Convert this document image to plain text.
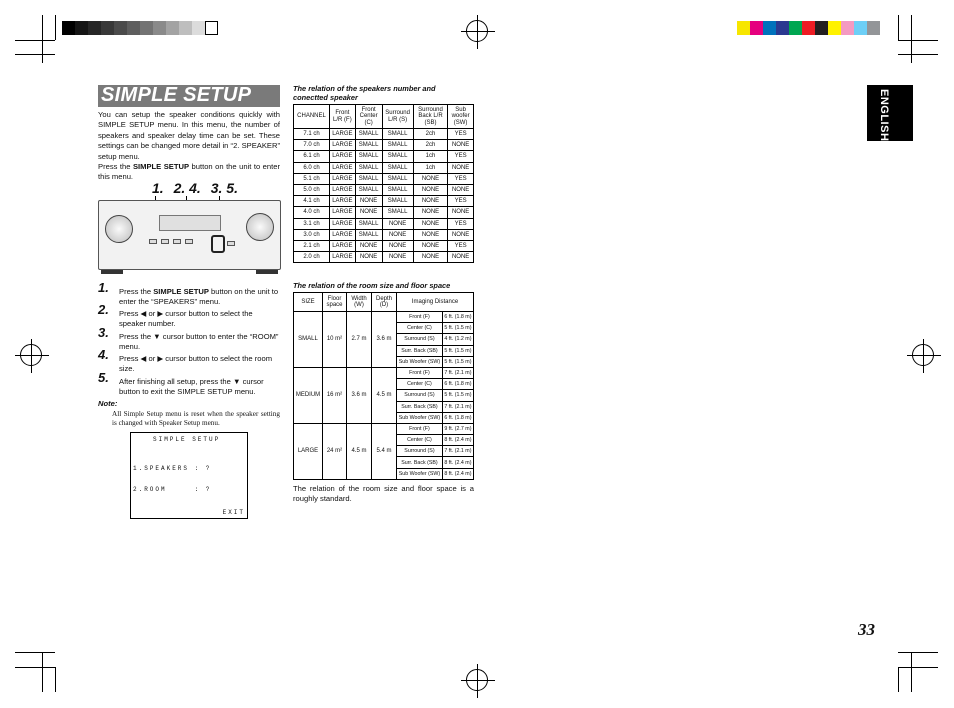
SIMPLE SETUP

You can setup the speaker conditions quickly with SIMPLE SETUP menu. In this menu, the number of speakers and speaker delay time can be set. These settings can be changed more detail in “2. SPEAKER” setup menu.

Press the SIMPLE SETUP button on the unit to enter this menu.

1. 2. 4. 3. 5.
1. Press the SIMPLE SETUP button on the unit to enter the “SPEAKERS” menu.

2. Press ◀ or ▶ cursor button to select the speaker number.

3. Press the ▼ cursor button to enter the “ROOM” menu.

4. Press ◀ or ▶ cursor button to select the room size.

5. After finishing all setup, press the ▼ cursor button to exit the SIMPLE SETUP menu.

Note:
All Simple Setup menu is reset when the speaker setting is changed with Speaker Setup menu.
SIMPLE SETUP
1.SPEAKERS : ?
2.ROOM     : ?
EXIT
The relation of the speakers number and conectted speaker
CHANNEL	Front L/R (F)	Front Center (C)	Surround L/R (S)	Surround Back L/R (SB)	Sub woofer (SW)
7.1 ch	LARGE	SMALL	SMALL	2ch	YES
7.0 ch	LARGE	SMALL	SMALL	2ch	NONE
6.1 ch	LARGE	SMALL	SMALL	1ch	YES
6.0 ch	LARGE	SMALL	SMALL	1ch	NONE
5.1 ch	LARGE	SMALL	SMALL	NONE	YES
5.0 ch	LARGE	SMALL	SMALL	NONE	NONE
4.1 ch	LARGE	NONE	SMALL	NONE	YES
4.0 ch	LARGE	NONE	SMALL	NONE	NONE
3.1 ch	LARGE	SMALL	NONE	NONE	YES
3.0 ch	LARGE	SMALL	NONE	NONE	NONE
2.1 ch	LARGE	NONE	NONE	NONE	YES
2.0 ch	LARGE	NONE	NONE	NONE	NONE
The relation of the room size and floor space
SIZE	Floor space	Width (W)	Depth (D)	Imaging Distance	
SMALL	10 m²	2.7 m	3.6 m	Front (F)	6 ft. (1.8 m)
				Center (C)	5 ft. (1.5 m)
				Surround (S)	4 ft. (1.2 m)
				Surr. Back (SB)	5 ft. (1.5 m)
				Sub Woofer (SW)	5 ft. (1.5 m)
MEDIUM	16 m²	3.6 m	4.5 m	Front (F)	7 ft. (2.1 m)
				Center (C)	6 ft. (1.8 m)
				Surround (S)	5 ft. (1.5 m)
				Surr. Back (SB)	7 ft. (2.1 m)
				Sub Woofer (SW)	6 ft. (1.8 m)
LARGE	24 m²	4.5 m	5.4 m	Front (F)	9 ft. (2.7 m)
				Center (C)	8 ft. (2.4 m)
				Surround (S)	7 ft. (2.1 m)
				Surr. Back (SB)	8 ft. (2.4 m)
				Sub Woofer (SW)	8 ft. (2.4 m)
The relation of the room size and floor space is a roughly standard.
ENGLISH
33
